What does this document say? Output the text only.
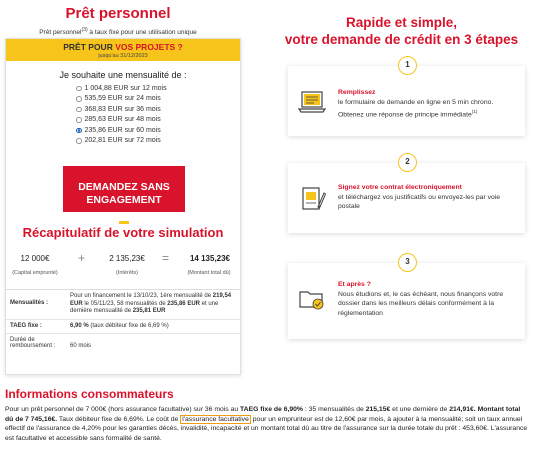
Prêt personnel
Prêt personnel$^{(3)}$ à taux fixe pour une utilisation unique
PRÊT POUR VOS PROJETS ?
jusqu'au 31/12/2023
Je souhaite une mensualité de :
1 004,88 EUR sur 12 mois
535,59 EUR sur 24 mois
368,83 EUR sur 36 mois
285,63 EUR sur 48 mois
235,86 EUR sur 60 mois
202,81 EUR sur 72 mois
DEMANDEZ SANS
ENGAGEMENT
Récapitulatif de votre simulation
12 000€
(Capital emprunté)
+	2 135,23€
(Intérêts)
=	14 135,23€
(Montant total dû)
Mensualités :
Pour un financement le 13/10/23, 1ère mensualité de 219,54 EUR le 05/11/23, 58 mensualités de 235,86 EUR et une dernière mensualité de 235,81 EUR
TAEG fixe :	6,90 % (taux débiteur fixe de 6,69 %)
Durée de remboursement :	60 mois
Rapide et simple,
votre demande de crédit en 3 étapes
1
Remplissez
le formulaire de demande en ligne en 5 min chrono. Obtenez une réponse de principe immédiate$^{(1)}$
2
Signez votre contrat électroniquement
et téléchargez vos justificatifs ou envoyez-les par voie postale
3
Et après ?
Nous étudions et, le cas échéant, nous finançons votre dossier dans les meilleurs délais conformément à la réglementation
Informations consommateurs
Pour un prêt personnel de 7 000€ (hors assurance facultative) sur 36 mois au TAEG fixe de 6,90% : 35 mensualités de 215,15€ et une dernière de 214,91€. Montant total dû de 7 745,16€. Taux débiteur fixe de 6,69%. Le coût de l'assurance facultative pour un emprunteur est de 12,60€ par mois, à ajouter à la mensualité; soit un taux annuel effectif de l'assurance de 4,20% pour les garanties décès, invalidité, incapacité et un montant total dû au titre de l'assurance sur la durée totale du prêt : 453,60€. L'assurance est facultative et accessible sans formalité de santé.
